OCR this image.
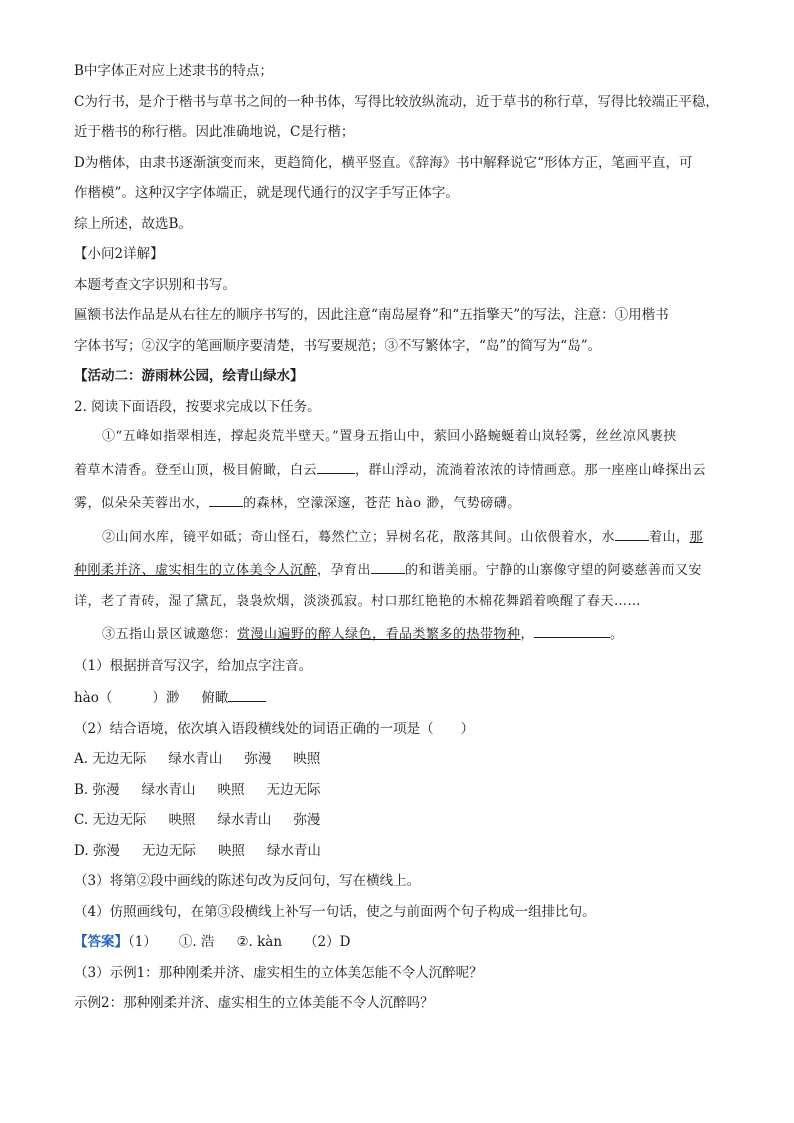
B中字体正对应上述隶书的特点；

C为行书，是介于楷书与草书之间的一种书体，写得比较放纵流动，近于草书的称行草，写得比较端正平稳，

近于楷书的称行楷。因此准确地说，C是行楷；

D为楷体，由隶书逐渐演变而来，更趋简化，横平竖直。《辞海》书中解释说它“形体方正，笔画平直，可

作楷模”。这种汉字字体端正，就是现代通行的汉字手写正体字。

综上所述，故选B。

【小问2详解】

本题考查文字识别和书写。

匾额书法作品是从右往左的顺序书写的，因此注意“南岛屋脊”和“五指擎天”的写法，注意：①用楷书

字体书写；②汉字的笔画顺序要清楚，书写要规范；③不写繁体字，“岛”的简写为“岛”。

【活动二：游雨林公园，绘青山绿水】

2. 阅读下面语段，按要求完成以下任务。

①“五峰如指翠相连，撑起炎荒半壁天。”置身五指山中，萦回小路蜿蜒着山岚轻雾，丝丝凉风裹挟

着草木清香。登至山顶，极目俯瞰，白云	，群山浮动，流淌着浓浓的诗情画意。那一座座山峰探出云

雾，似朵朵芙蓉出水，	的森林，空濛深邃，苍茫 hào 渺，气势磅礴。

②山间水库，镜平如砥；奇山怪石，蓦然伫立；异树名花，散落其间。山依偎着水，水	着山，那

种刚柔并济、虚实相生的立体美令人沉醉，孕育出	的和谐美丽。宁静的山寨像守望的阿婆慈善而又安

详，老了青砖，湿了黛瓦，袅袅炊烟，淡淡孤寂。村口那红艳艳的木棉花舞蹈着唤醒了春天……

③五指山景区诚邀您：赏漫山遍野的醉人绿色，看品类繁多的热带物种，	。

（1）根据拼音写汉字，给加点字注音。

hào（	）渺 俯瞰

（2）结合语境，依次填入语段横线处的词语正确的一项是（　　）

A. 无边无际 绿水青山 弥漫 映照

B. 弥漫 绿水青山 映照 无边无际

C. 无边无际 映照 绿水青山 弥漫

D. 弥漫 无边无际 映照 绿水青山

（3）将第②段中画线的陈述句改为反问句，写在横线上。

（4）仿照画线句，在第③段横线上补写一句话，使之与前面两个句子构成一组排比句。

【答案】（1） ①. 浩 ②. kàn （2）D

（3）示例1：那种刚柔并济、虚实相生的立体美怎能不令人沉醉呢？

示例2：那种刚柔并济、虚实相生的立体美能不令人沉醉吗？
